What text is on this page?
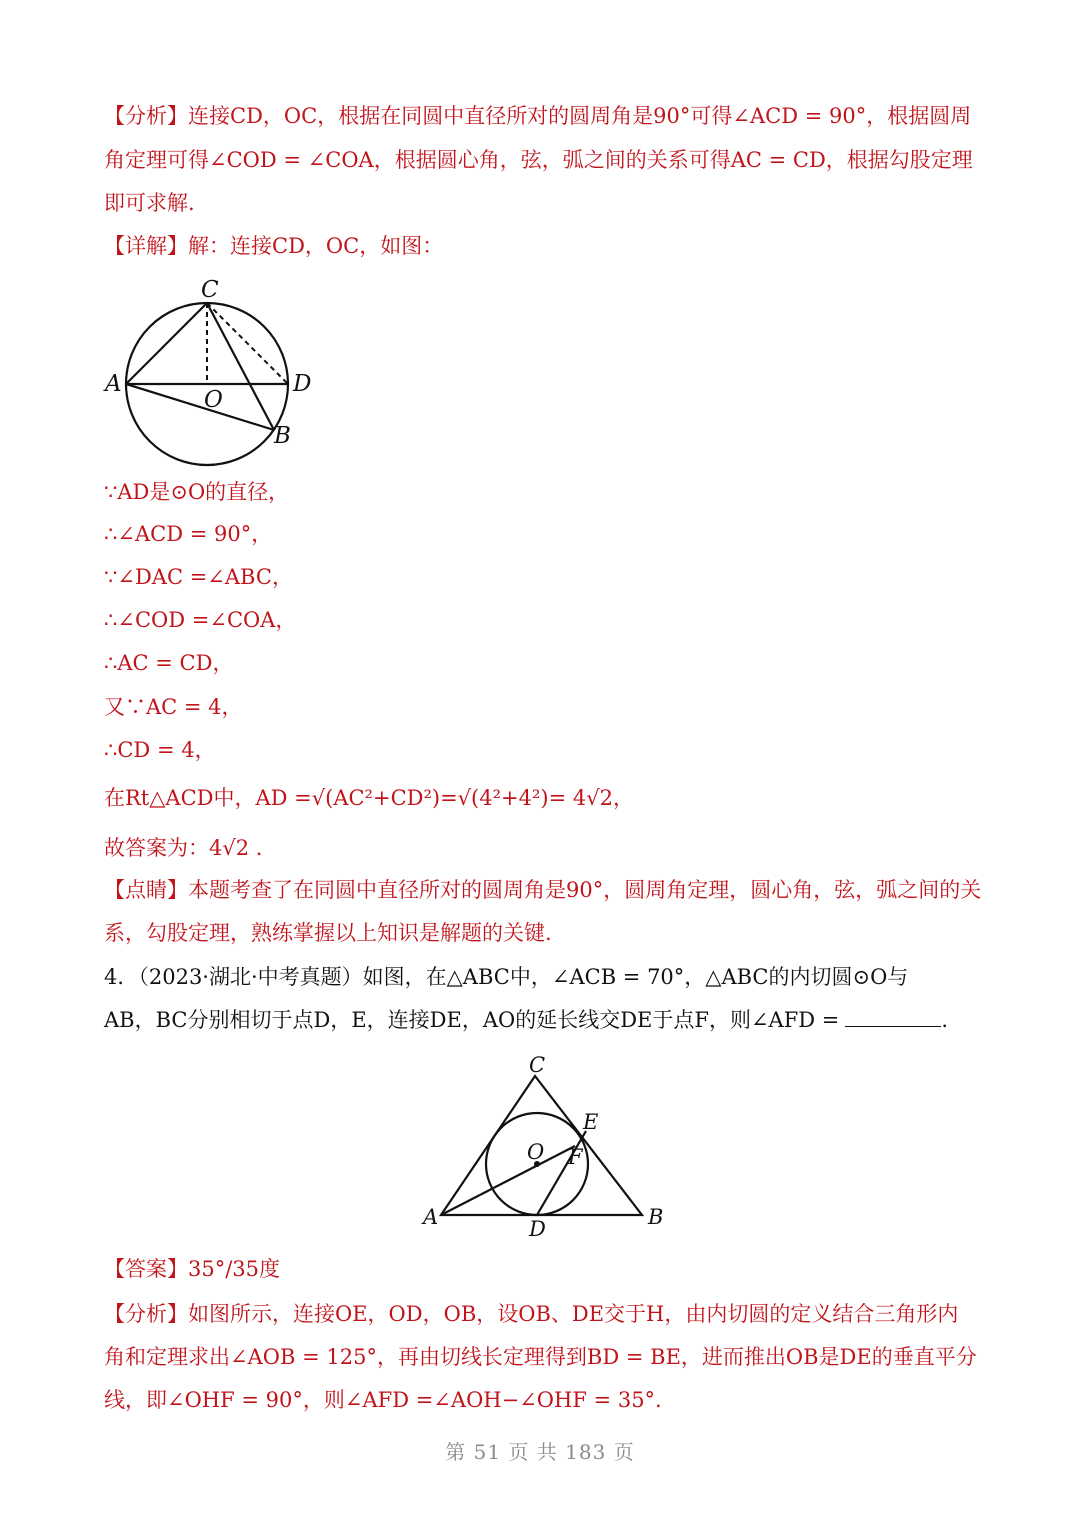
【分析】连接CD，OC，根据在同圆中直径所对的圆周角是90°可得∠ACD = 90°，根据圆周
角定理可得∠COD = ∠COA，根据圆心角，弦，弧之间的关系可得AC = CD，根据勾股定理
即可求解.
【详解】解：连接CD，OC，如图：
C
A	D
O
B
∵AD是⊙O的直径，
∴∠ACD = 90°，
∵∠DAC =∠ABC，
∴∠COD =∠COA，
∴AC = CD，
又∵AC = 4，
∴CD = 4，
在Rt△ACD中，AD =√(AC²+CD²)=√(4²+4²)= 4√2，
故答案为：4√2 .
【点睛】本题考查了在同圆中直径所对的圆周角是90°，圆周角定理，圆心角，弦，弧之间的关
系，勾股定理，熟练掌握以上知识是解题的关键.
4．（2023·湖北·中考真题）如图，在△ABC中，∠ACB = 70°，△ABC的内切圆⊙O与
AB，BC分别相切于点D，E，连接DE，AO的延长线交DE于点F，则∠AFD =	.
C
E
O F
A	D	B
【答案】35°/35度
【分析】如图所示，连接OE，OD，OB，设OB、DE交于H，由内切圆的定义结合三角形内
角和定理求出∠AOB = 125°，再由切线长定理得到BD = BE，进而推出OB是DE的垂直平分
线，即∠OHF = 90°，则∠AFD =∠AOH−∠OHF = 35°.
第 51 页 共 183 页
